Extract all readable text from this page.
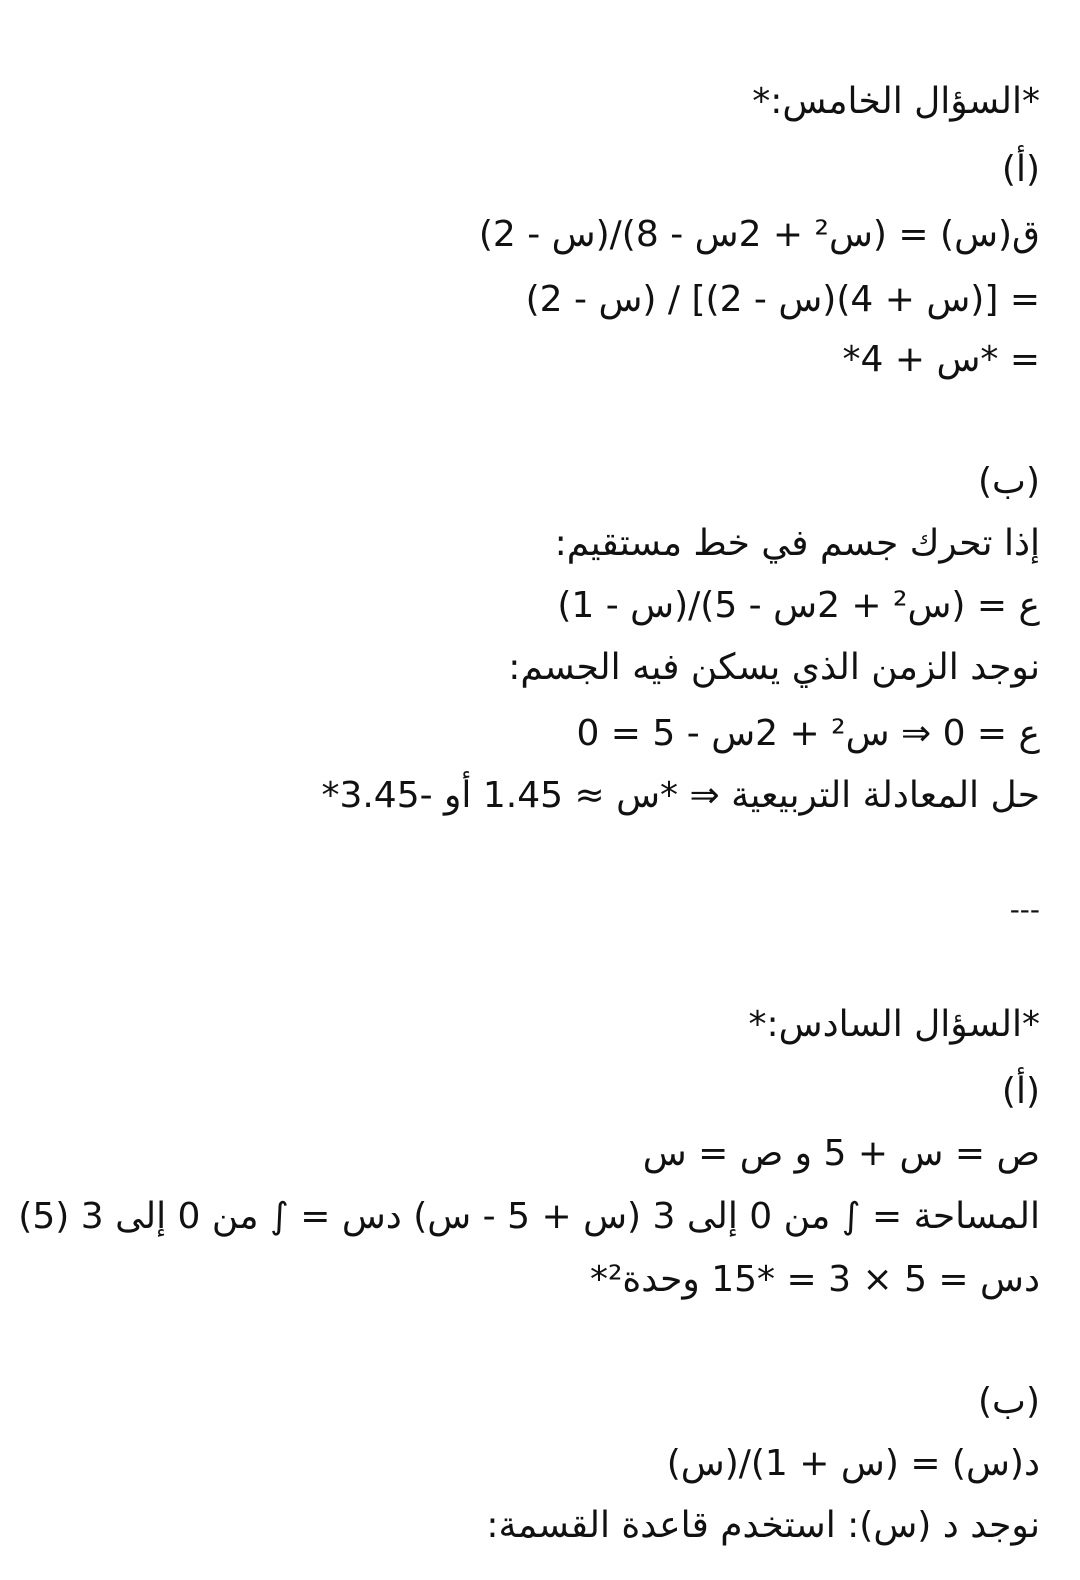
*السؤال الخامس:*
(أ)
ق(س) = (س² + 2س - 8)/(س - 2)
= [(س + 4)(س - 2)] / (س - 2)
= *س + 4*
(ب)
إذا تحرك جسم في خط مستقيم:
ع = (س² + 2س - 5)/(س - 1)
نوجد الزمن الذي يسكن فيه الجسم:
ع = 0 ⇒ س² + 2س - 5 = 0
حل المعادلة التربيعية ⇒ *س ≈ 1.45 أو -3.45*
---
*السؤال السادس:*
(أ)
ص = س + 5 و ص = س
المساحة = ∫ من 0 إلى 3 (س + 5 - س) دس = ∫ من 0 إلى 3 (5)
دس = 5 × 3 = *15 وحدة²*
(ب)
د(س) = (س + 1)/(س)
نوجد د (س): استخدم قاعدة القسمة:
